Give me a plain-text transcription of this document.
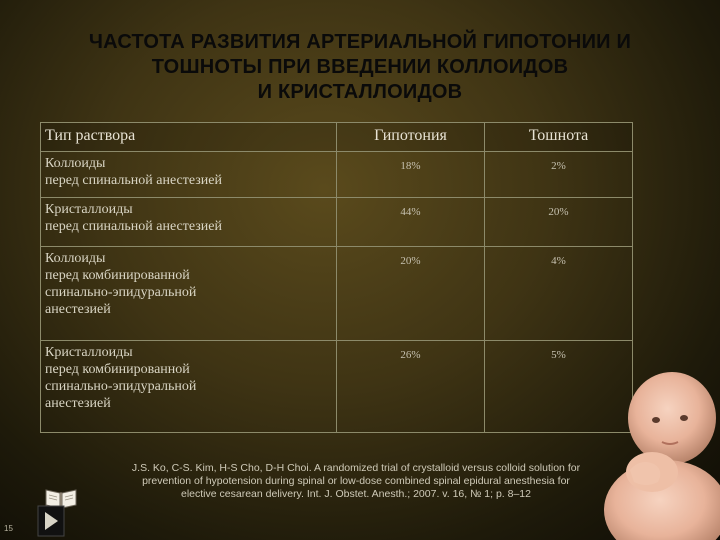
ЧАСТОТА РАЗВИТИЯ АРТЕРИАЛЬНОЙ ГИПОТОНИИ И
ТОШНОТЫ ПРИ ВВЕДЕНИИ КОЛЛОИДОВ
И КРИСТАЛЛОИДОВ
Тип раствора	Гипотония	Тошнота

Коллоиды
перед спинальной анестезией	18%	2%

Кристаллоиды
перед спинальной анестезией	44%	20%

Коллоиды
перед комбинированной
спинально-эпидуральной
анестезией	20%	4%

Кристаллоиды
перед комбинированной
спинально-эпидуральной
анестезией	26%	5%
J.S. Ko, C-S. Kim, H-S Cho, D-H Choi. A randomized trial of crystalloid versus colloid solution for
prevention of hypotension during spinal or low-dose combined spinal epidural anesthesia for
elective cesarean delivery. Int. J. Obstet. Anesth.; 2007. v. 16, № 1; p. 8–12
15
